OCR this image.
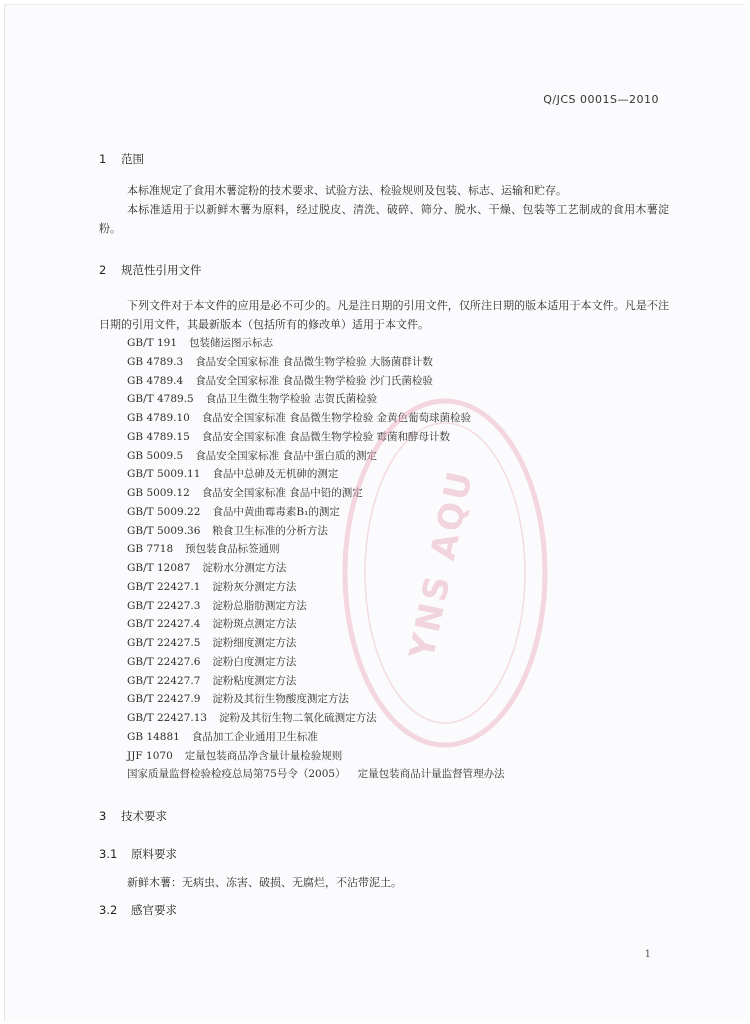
Q/JCS 0001S—2010
1 范围
本标准规定了食用木薯淀粉的技术要求、试验方法、检验规则及包装、标志、运输和贮存。
本标准适用于以新鲜木薯为原料，经过脱皮、清洗、破碎、筛分、脱水、干燥、包装等工艺制成的食用木薯淀粉。
2 规范性引用文件
下列文件对于本文件的应用是必不可少的。凡是注日期的引用文件，仅所注日期的版本适用于本文件。凡是不注日期的引用文件，其最新版本（包括所有的修改单）适用于本文件。
GB/T 191 包装储运图示标志
GB 4789.3 食品安全国家标准 食品微生物学检验 大肠菌群计数
GB 4789.4 食品安全国家标准 食品微生物学检验 沙门氏菌检验
GB/T 4789.5 食品卫生微生物学检验 志贺氏菌检验
GB 4789.10 食品安全国家标准 食品微生物学检验 金黄色葡萄球菌检验
GB 4789.15 食品安全国家标准 食品微生物学检验 霉菌和酵母计数
GB 5009.5 食品安全国家标准 食品中蛋白质的测定
GB/T 5009.11 食品中总砷及无机砷的测定
GB 5009.12 食品安全国家标准 食品中铅的测定
GB/T 5009.22 食品中黄曲霉毒素B₁的测定
GB/T 5009.36 粮食卫生标准的分析方法
GB 7718 预包装食品标签通则
GB/T 12087 淀粉水分测定方法
GB/T 22427.1 淀粉灰分测定方法
GB/T 22427.3 淀粉总脂肪测定方法
GB/T 22427.4 淀粉斑点测定方法
GB/T 22427.5 淀粉细度测定方法
GB/T 22427.6 淀粉白度测定方法
GB/T 22427.7 淀粉粘度测定方法
GB/T 22427.9 淀粉及其衍生物酸度测定方法
GB/T 22427.13 淀粉及其衍生物二氧化硫测定方法
GB 14881 食品加工企业通用卫生标准
JJF 1070 定量包装商品净含量计量检验规则
国家质量监督检验检疫总局第75号令（2005） 定量包装商品计量监督管理办法
3 技术要求
3.1 原料要求
新鲜木薯：无病虫、冻害、破损、无腐烂，不沾带泥土。
3.2 感官要求
YNS AQU
1
